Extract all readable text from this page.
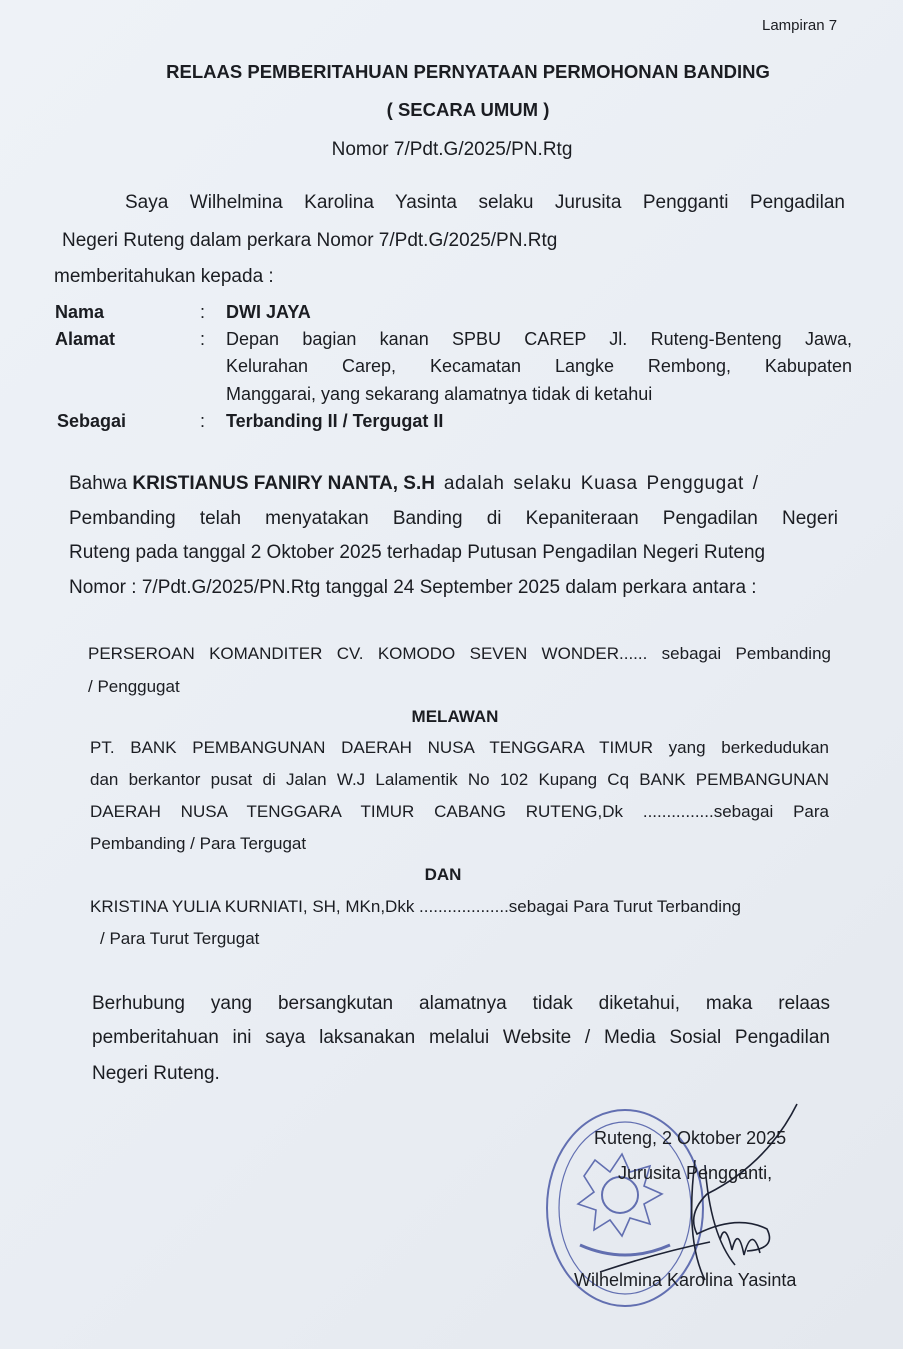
Lampiran 7
RELAAS PEMBERITAHUAN PERNYATAAN PERMOHONAN BANDING
( SECARA UMUM )
Nomor 7/Pdt.G/2025/PN.Rtg
Saya Wilhelmina Karolina Yasinta selaku Jurusita Pengganti Pengadilan
Negeri Ruteng dalam perkara Nomor 7/Pdt.G/2025/PN.Rtg
memberitahukan kepada :
Nama	: DWI JAYA
Alamat	: Depan bagian kanan SPBU CAREP Jl. Ruteng-Benteng Jawa,
Kelurahan Carep, Kecamatan Langke Rembong, Kabupaten
Manggarai, yang sekarang alamatnya tidak di ketahui
Sebagai	: Terbanding II / Tergugat II
Bahwa KRISTIANUS FANIRY NANTA, S.H adalah selaku Kuasa Penggugat /
Pembanding telah menyatakan Banding di Kepaniteraan Pengadilan Negeri
Ruteng pada tanggal 2 Oktober 2025 terhadap Putusan Pengadilan Negeri Ruteng
Nomor : 7/Pdt.G/2025/PN.Rtg tanggal 24 September 2025 dalam perkara antara :
PERSEROAN KOMANDITER CV. KOMODO SEVEN WONDER...... sebagai Pembanding
/ Penggugat
MELAWAN
PT. BANK PEMBANGUNAN DAERAH NUSA TENGGARA TIMUR yang berkedudukan
dan berkantor pusat di Jalan W.J Lalamentik No 102 Kupang Cq BANK PEMBANGUNAN
DAERAH NUSA TENGGARA TIMUR CABANG RUTENG,Dk ...............sebagai Para
Pembanding / Para Tergugat
DAN
KRISTINA YULIA KURNIATI, SH, MKn,Dkk ...................sebagai Para Turut Terbanding
/ Para Turut Tergugat
Berhubung yang bersangkutan alamatnya tidak diketahui, maka relaas
pemberitahuan ini saya laksanakan melalui Website / Media Sosial Pengadilan
Negeri Ruteng.
Ruteng, 2 Oktober 2025
Jurusita Pengganti,
Wilhelmina Karolina Yasinta
